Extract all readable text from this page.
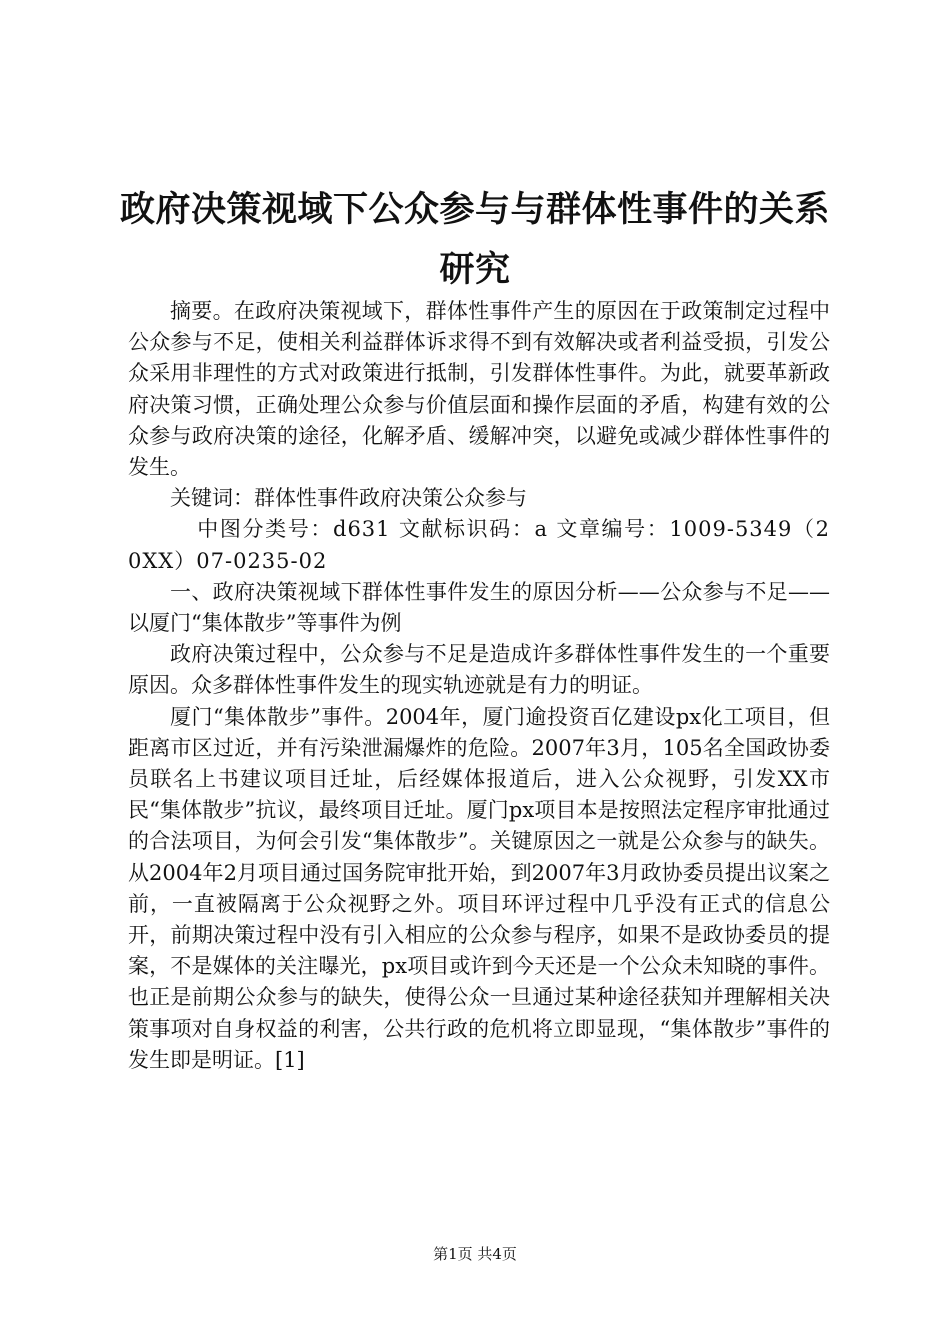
政府决策视域下公众参与与群体性事件的关系
研究

摘要。在政府决策视域下，群体性事件产生的原因在于政策制定过程中公众参与不足，使相关利益群体诉求得不到有效解决或者利益受损，引发公众采用非理性的方式对政策进行抵制，引发群体性事件。为此，就要革新政府决策习惯，正确处理公众参与价值层面和操作层面的矛盾，构建有效的公众参与政府决策的途径，化解矛盾、缓解冲突，以避免或减少群体性事件的发生。

关键词：群体性事件政府决策公众参与

中图分类号：d631 文献标识码：a 文章编号：1009-5349（20XX）07-0235-02

一、政府决策视域下群体性事件发生的原因分析——公众参与不足——以厦门“集体散步”等事件为例

政府决策过程中，公众参与不足是造成许多群体性事件发生的一个重要原因。众多群体性事件发生的现实轨迹就是有力的明证。

厦门“集体散步”事件。2004年，厦门逾投资百亿建设px化工项目，但距离市区过近，并有污染泄漏爆炸的危险。2007年3月，105名全国政协委员联名上书建议项目迁址，后经媒体报道后，进入公众视野，引发XX市民“集体散步”抗议，最终项目迁址。厦门px项目本是按照法定程序审批通过的合法项目，为何会引发“集体散步”。关键原因之一就是公众参与的缺失。从2004年2月项目通过国务院审批开始，到2007年3月政协委员提出议案之前，一直被隔离于公众视野之外。项目环评过程中几乎没有正式的信息公开，前期决策过程中没有引入相应的公众参与程序，如果不是政协委员的提案，不是媒体的关注曝光，px项目或许到今天还是一个公众未知晓的事件。也正是前期公众参与的缺失，使得公众一旦通过某种途径获知并理解相关决策事项对自身权益的利害，公共行政的危机将立即显现，“集体散步”事件的发生即是明证。[1]

第1页 共4页
